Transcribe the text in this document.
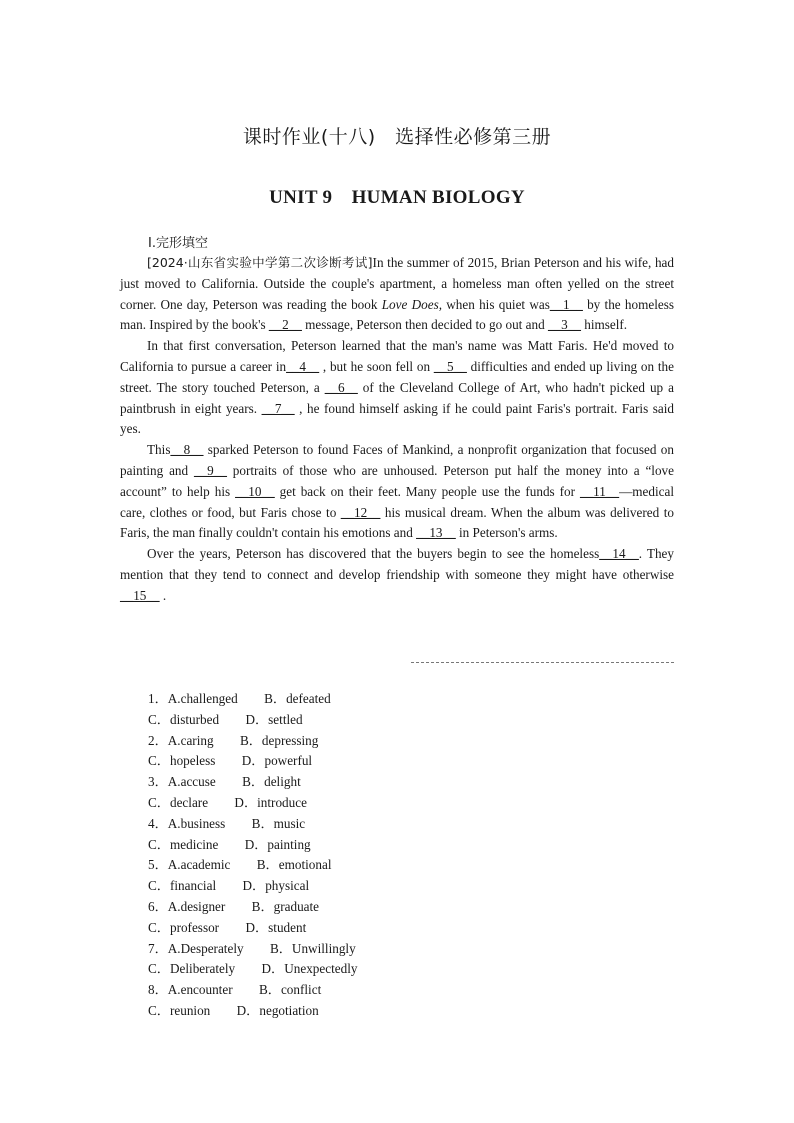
课时作业(十八)　选择性必修第三册
UNIT 9　HUMAN BIOLOGY
Ⅰ.完形填空

[2024·山东省实验中学第二次诊断考试]In the summer of 2015, Brian Peterson and his wife, had just moved to California. Outside the couple's apartment, a homeless man often yelled on the street corner. One day, Peterson was reading the book Love Does, when his quiet was__1__ by the homeless man. Inspired by the book's __2__ message, Peterson then decided to go out and __3__ himself.

In that first conversation, Peterson learned that the man's name was Matt Faris. He'd moved to California to pursue a career in__4__ , but he soon fell on __5__ difficulties and ended up living on the street. The story touched Peterson, a __6__ of the Cleveland College of Art, who hadn't picked up a paintbrush in eight years. __7__ , he found himself asking if he could paint Faris's portrait. Faris said yes.

This__8__ sparked Peterson to found Faces of Mankind, a nonprofit organization that focused on painting and __9__ portraits of those who are unhoused. Peterson put half the money into a “love account” to help his __10__ get back on their feet. Many people use the funds for __11__—medical care, clothes or food, but Faris chose to __12__ his musical dream. When the album was delivered to Faris, the man finally couldn't contain his emotions and __13__ in Peterson's arms.

Over the years, Peterson has discovered that the buyers begin to see the homeless__14__. They mention that they tend to connect and develop friendship with someone they might have otherwise __15__ .

1．A.challenged B．defeated
C．disturbed D．settled
2．A.caring B．depressing
C．hopeless D．powerful
3．A.accuse B．delight
C．declare D．introduce
4．A.business B．music
C．medicine D．painting
5．A.academic B．emotional
C．financial D．physical
6．A.designer B．graduate
C．professor D．student
7．A.Desperately B．Unwillingly
C．Deliberately D．Unexpectedly
8．A.encounter B．conflict
C．reunion D．negotiation
